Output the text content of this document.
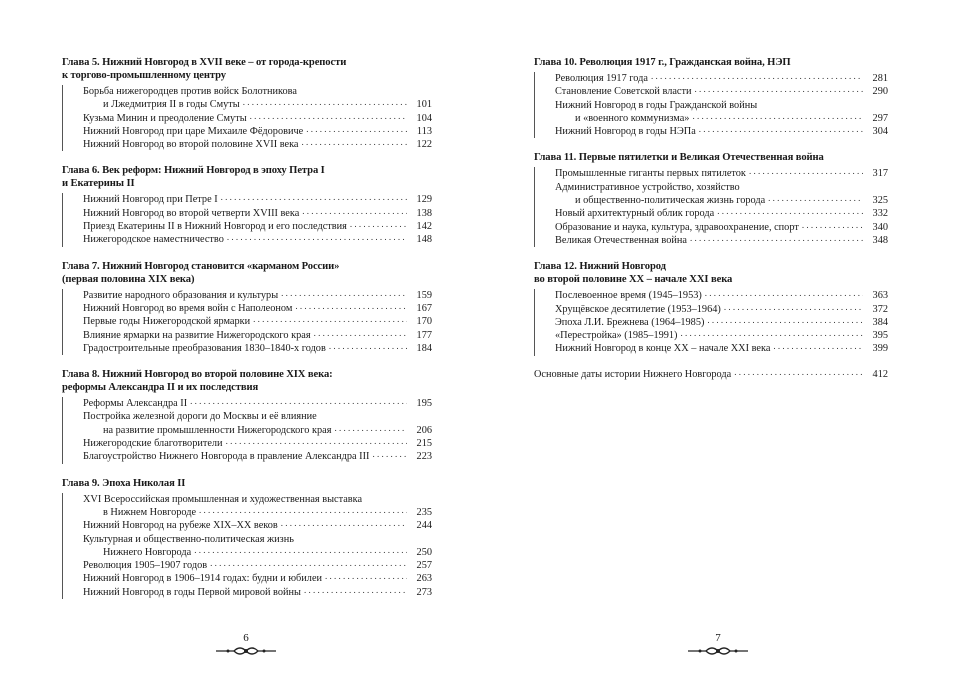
Глава 5. Нижний Новгород в XVII веке – от города-крепости
к торгово-промышленному центру
Борьба нижегородцев против войск Болотникова
и Лжедмитрия II в годы Смуты . . .	101
Кузьма Минин и преодоление Смуты . . .	104
Нижний Новгород при царе Михаиле Фёдоровиче . . .	113
Нижний Новгород во второй половине XVII века . . .	122
Глава 6. Век реформ: Нижний Новгород в эпоху Петра I
и Екатерины II
Нижний Новгород при Петре I . . .	129
Нижний Новгород во второй четверти XVIII века . . .	138
Приезд Екатерины II в Нижний Новгород и его последствия . . .	142
Нижегородское наместничество . . .	148
Глава 7. Нижний Новгород становится «карманом России»
(первая половина XIX века)
Развитие народного образования и культуры . . .	159
Нижний Новгород во время войн с Наполеоном . . .	167
Первые годы Нижегородской ярмарки . . .	170
Влияние ярмарки на развитие Нижегородского края . . .	177
Градостроительные преобразования 1830–1840-х годов . . .	184
Глава 8. Нижний Новгород во второй половине XIX века:
реформы Александра II и их последствия
Реформы Александра II . . .	195
Постройка железной дороги до Москвы и её влияние
на развитие промышленности Нижегородского края . . .	206
Нижегородские благотворители . . .	215
Благоустройство Нижнего Новгорода в правление Александра III . . .	223
Глава 9. Эпоха Николая II
XVI Всероссийская промышленная и художественная выставка
в Нижнем Новгороде . . .	235
Нижний Новгород на рубеже XIX–XX веков . . .	244
Культурная и общественно-политическая жизнь
Нижнего Новгорода . . .	250
Революция 1905–1907 годов . . .	257
Нижний Новгород в 1906–1914 годах: будни и юбилеи . . .	263
Нижний Новгород в годы Первой мировой войны . . .	273
6
Глава 10. Революция 1917 г., Гражданская война, НЭП
Революция 1917 года . . .	281
Становление Советской власти . . .	290
Нижний Новгород в годы Гражданской войны
и «военного коммунизма» . . .	297
Нижний Новгород в годы НЭПа . . .	304
Глава 11. Первые пятилетки и Великая Отечественная война
Промышленные гиганты первых пятилеток . . .	317
Административное устройство, хозяйство
и общественно-политическая жизнь города . . .	325
Новый архитектурный облик города . . .	332
Образование и наука, культура, здравоохранение, спорт . . .	340
Великая Отечественная война . . .	348
Глава 12. Нижний Новгород
во второй половине XX – начале XXI века
Послевоенное время (1945–1953) . . .	363
Хрущёвское десятилетие (1953–1964) . . .	372
Эпоха Л.И. Брежнева (1964–1985) . . .	384
«Перестройка» (1985–1991) . . .	395
Нижний Новгород в конце XX – начале XXI века . . .	399
Основные даты истории Нижнего Новгорода . . .	412
7
